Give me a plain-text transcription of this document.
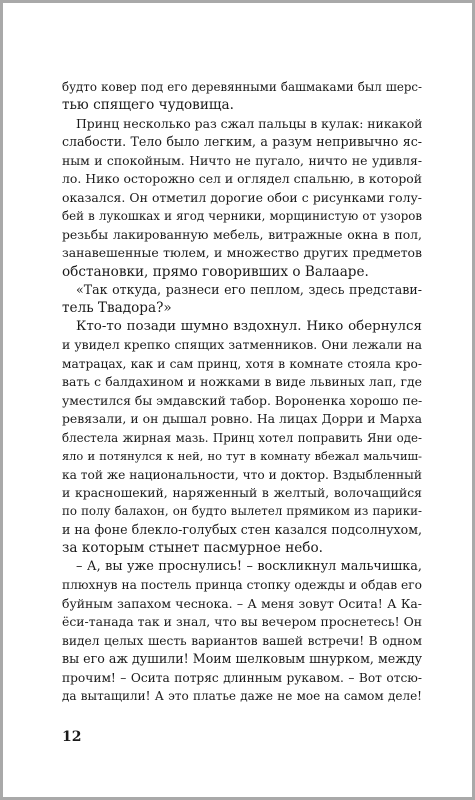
будто ковер под его деревянными башмаками был шерс-
тью спящего чудовища.
Принц несколько раз сжал пальцы в кулак: никакой
слабости. Тело было легким, а разум непривычно яс-
ным и спокойным. Ничто не пугало, ничто не удивля-
ло. Нико осторожно сел и оглядел спальню, в которой
оказался. Он отметил дорогие обои с рисунками голу-
бей в лукошках и ягод черники, морщинистую от узоров
резьбы лакированную мебель, витражные окна в пол,
занавешенные тюлем, и множество других предметов
обстановки, прямо говоривших о Валааре.
«Так откуда, разнеси его пеплом, здесь представи-
тель Твадора?»
Кто-то позади шумно вздохнул. Нико обернулся
и увидел крепко спящих затменников. Они лежали на
матрацах, как и сам принц, хотя в комнате стояла кро-
вать с балдахином и ножками в виде львиных лап, где
уместился бы эмдавский табор. Вороненка хорошо пе-
ревязали, и он дышал ровно. На лицах Дорри и Марха
блестела жирная мазь. Принц хотел поправить Яни оде-
яло и потянулся к ней, но тут в комнату вбежал мальчиш-
ка той же национальности, что и доктор. Вздыбленный
и красношекий, наряженный в желтый, волочащийся
по полу балахон, он будто вылетел прямиком из парики-
и на фоне блекло-голубых стен казался подсолнухом,
за которым стынет пасмурное небо.
– А, вы уже проснулись! – воскликнул мальчишка,
плюхнув на постель принца стопку одежды и обдав его
буйным запахом чеснока. – А меня зовут Осита! А Ка-
ёси-танада так и знал, что вы вечером проснетесь! Он
видел целых шесть вариантов вашей встречи! В одном
вы его аж душили! Моим шелковым шнурком, между
прочим! – Осита потряс длинным рукавом. – Вот отсю-
да вытащили! А это платье даже не мое на самом деле!
12
